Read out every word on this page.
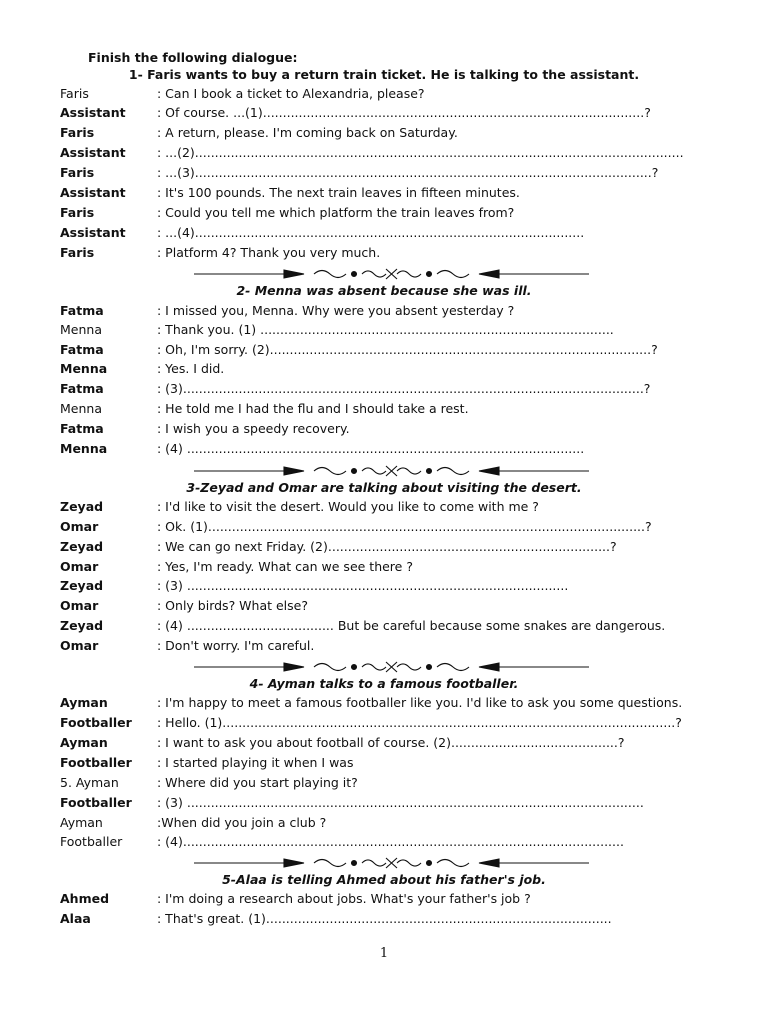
Finish the following dialogue:
1- Faris wants to buy a return train ticket. He is talking to the assistant.
Faris	: Can I book a ticket to Alexandria, please?
Assistant	: Of course. ...(1)................................................................................................?
Faris	: A return, please. I'm coming back on Saturday.
Assistant	: ...(2)...........................................................................................................................
Faris	: ...(3)...................................................................................................................?
Assistant	: It's 100 pounds. The next train leaves in fifteen minutes.
Faris	: Could you tell me which platform the train leaves from?
Assistant	: ...(4)..................................................................................................
Faris	: Platform 4? Thank you very much.
2- Menna was absent because she was ill.
Fatma	: I missed you, Menna. Why were you absent yesterday ?
Menna	: Thank you. (1) .........................................................................................
Fatma	: Oh, I'm sorry. (2)................................................................................................?
Menna	: Yes. I did.
Fatma	: (3)....................................................................................................................?
Menna	: He told me I had the flu and I should take a rest.
Fatma	: I wish you a speedy recovery.
Menna	: (4) ....................................................................................................
3-Zeyad and Omar are talking about visiting the desert.
Zeyad	: I'd like to visit the desert. Would you like to come with me ?
Omar	: Ok. (1)..............................................................................................................?
Zeyad	: We can go next Friday. (2).......................................................................?
Omar	: Yes, I'm ready. What can we see there ?
Zeyad	: (3) ................................................................................................
Omar	: Only birds? What else?
Zeyad	: (4) ..................................... But be careful because some snakes are dangerous.
Omar	: Don't worry. I'm careful.
4- Ayman talks to a famous footballer.
Ayman	: I'm happy to meet a famous footballer like you. I'd like to ask you some questions.
Footballer : Hello. (1)..................................................................................................................?
Ayman	: I want to ask you about football of course. (2)..........................................?
Footballer : I started playing it when I was
5. Ayman	: Where did you start playing it?
Footballer : (3) ...................................................................................................................
Ayman	:When did you join a club ?
Footballer	: (4)...............................................................................................................
5-Alaa is telling Ahmed about his father's job.
Ahmed	: I'm doing a research about jobs. What's your father's job ?
Alaa	: That's great. (1).......................................................................................
1
